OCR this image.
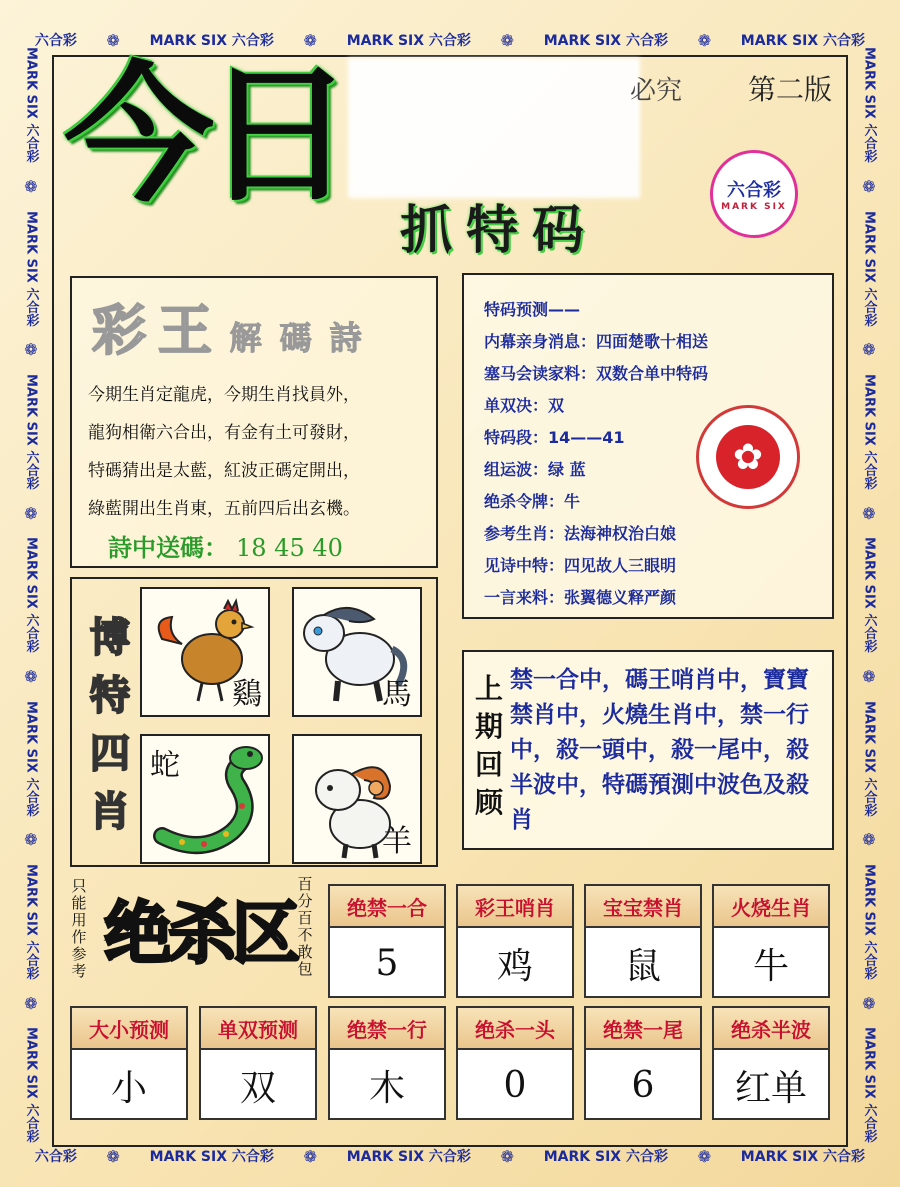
六合彩 ❁ MARK SIX 六合彩 ❁ MARK SIX 六合彩 ❁ MARK SIX 六合彩 ❁ MARK SIX 六合彩
六合彩 ❁ MARK SIX 六合彩 ❁ MARK SIX 六合彩 ❁ MARK SIX 六合彩 ❁ MARK SIX 六合彩
MARK SIX 六合彩
❁
MARK SIX 六合彩
❁
MARK SIX 六合彩
❁
MARK SIX 六合彩
❁
MARK SIX 六合彩
❁
MARK SIX 六合彩
❁
MARK SIX 六合彩
MARK SIX 六合彩
❁
MARK SIX 六合彩
❁
MARK SIX 六合彩
❁
MARK SIX 六合彩
❁
MARK SIX 六合彩
❁
MARK SIX 六合彩
❁
MARK SIX 六合彩
今日	必究 第二版
抓特码
六合彩
MARK SIX
彩王 解碼詩
今期生肖定龍虎，今期生肖找員外，
龍狗相衛六合出，有金有土可發財，
特碼猜出是太藍，紅波正碼定開出，
綠藍開出生肖東，五前四后出玄機。
詩中送碼： 18 45 40
特码预测——
内幕亲身消息：四面楚歌十相送
塞马会读家料：双数合单中特码
单双决：双
特码段：14——41
组运波：绿 蓝
绝杀令牌：牛
参考生肖：法海神权治白娘
见诗中特：四见故人三眼明
一言来料：张翼德义释严颜
✿
博
特
四
肖
鷄	馬
蛇
羊
上
期
回
顾
禁一合中，碼王哨肖中，寶寶禁肖中，火燒生肖中，禁一行中，殺一頭中，殺一尾中，殺半波中，特碼預測中波色及殺肖
只能用作参考 绝杀区
百分百不敢包
绝禁一合
5
彩王哨肖
鸡
宝宝禁肖
鼠
火烧生肖
牛
大小预测
小
单双预测
双
绝禁一行
木
绝杀一头
0
绝禁一尾
6
绝杀半波
红单
